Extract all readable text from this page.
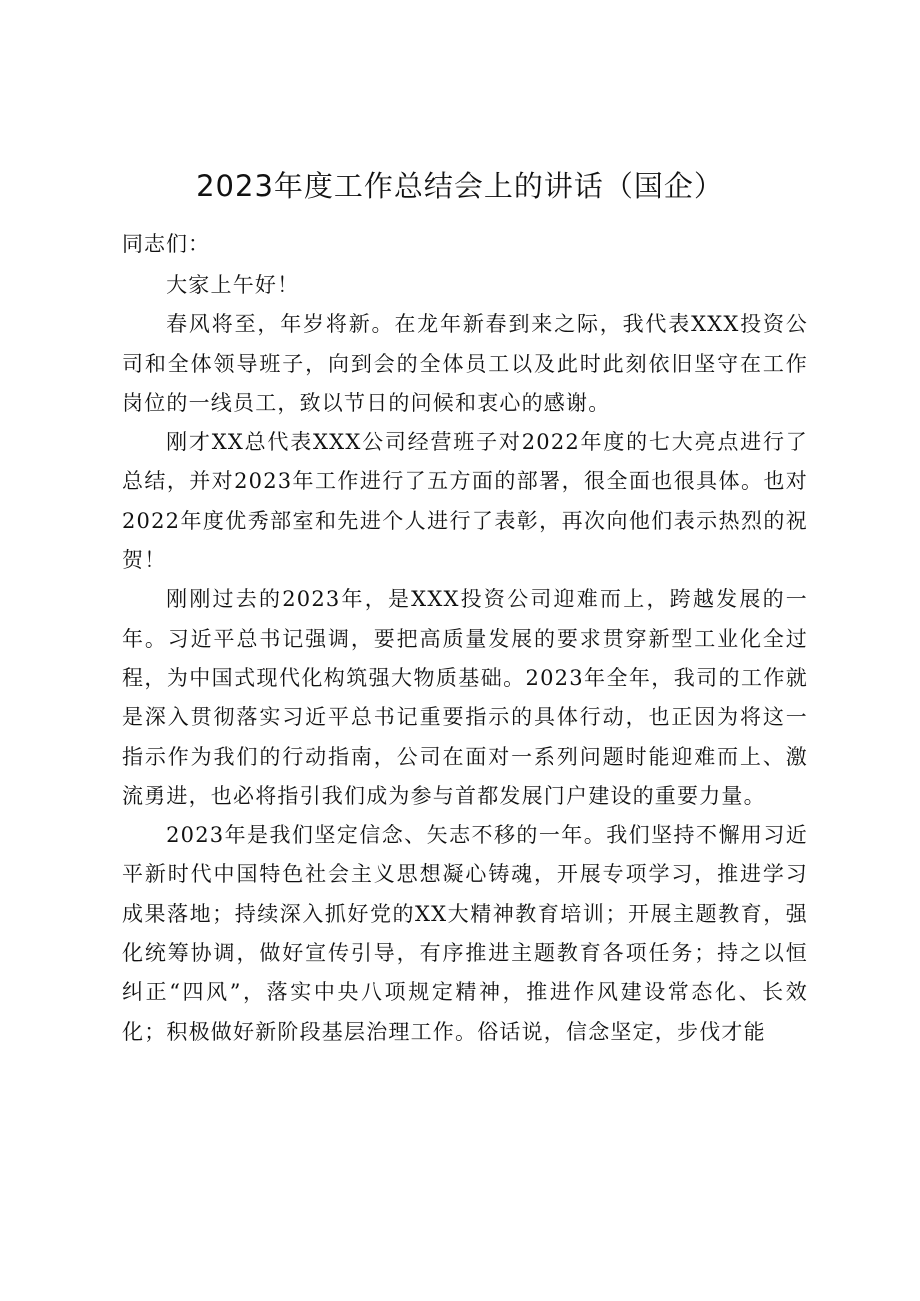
2023年度工作总结会上的讲话（国企）
同志们：

大家上午好！

春风将至，年岁将新。在龙年新春到来之际，我代表XXX投资公司和全体领导班子，向到会的全体员工以及此时此刻依旧坚守在工作岗位的一线员工，致以节日的问候和衷心的感谢。

刚才XX总代表XXX公司经营班子对2022年度的七大亮点进行了总结，并对2023年工作进行了五方面的部署，很全面也很具体。也对2022年度优秀部室和先进个人进行了表彰，再次向他们表示热烈的祝贺！

刚刚过去的2023年，是XXX投资公司迎难而上，跨越发展的一年。习近平总书记强调，要把高质量发展的要求贯穿新型工业化全过程，为中国式现代化构筑强大物质基础。2023年全年，我司的工作就是深入贯彻落实习近平总书记重要指示的具体行动，也正因为将这一指示作为我们的行动指南，公司在面对一系列问题时能迎难而上、激流勇进，也必将指引我们成为参与首都发展门户建设的重要力量。

2023年是我们坚定信念、矢志不移的一年。我们坚持不懈用习近平新时代中国特色社会主义思想凝心铸魂，开展专项学习，推进学习成果落地；持续深入抓好党的XX大精神教育培训；开展主题教育，强化统筹协调，做好宣传引导，有序推进主题教育各项任务；持之以恒纠正“四风”，落实中央八项规定精神，推进作风建设常态化、长效化；积极做好新阶段基层治理工作。俗话说，信念坚定，步伐才能
